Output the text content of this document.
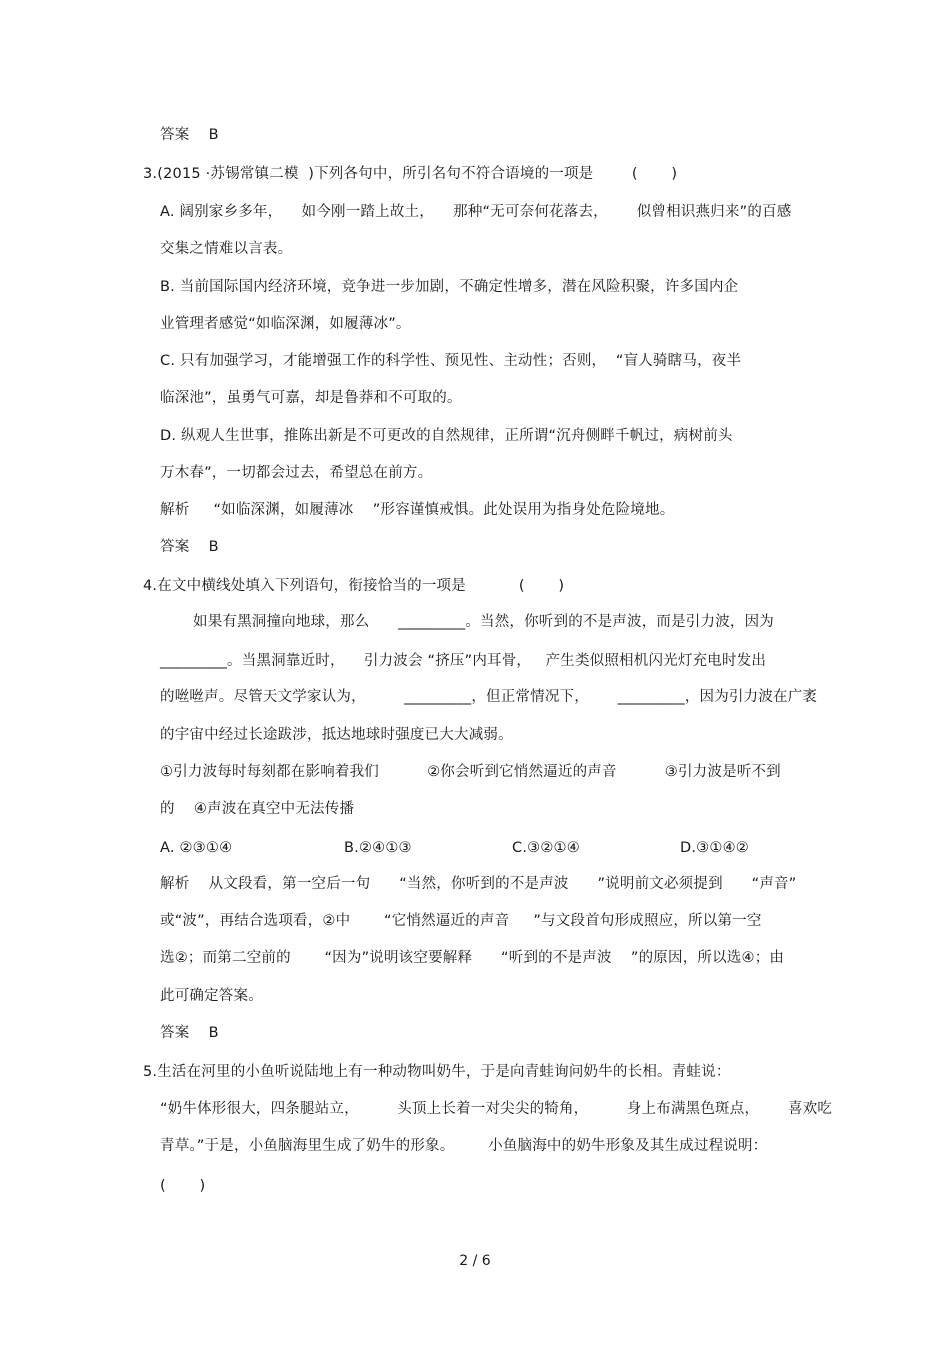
答案    B
3.(2015 ·苏锡常镇二模  )下列各句中，所引名句不符合语境的一项是        (       )
A. 阔别家乡多年，    如今刚一踏上故土，    那种“无可奈何花落去，      似曾相识燕归来”的百感
交集之情难以言表。
B. 当前国际国内经济环境，竞争进一步加剧，不确定性增多，潜在风险积聚，许多国内企
业管理者感觉“如临深渊，如履薄冰”。
C. 只有加强学习，才能增强工作的科学性、预见性、主动性；否则，  “盲人骑瞎马，夜半
临深池”，虽勇气可嘉，却是鲁莽和不可取的。
D. 纵观人生世事，推陈出新是不可更改的自然规律，正所谓“沉舟侧畔千帆过，病树前头
万木春”，一切都会过去，希望总在前方。
解析     “如临深渊，如履薄冰    ”形容谨慎戒惧。此处误用为指身处危险境地。
答案    B
4.在文中横线处填入下列语句，衔接恰当的一项是           (       )
如果有黑洞撞向地球，那么      _________。当然，你听到的不是声波，而是引力波，因为
_________。当黑洞靠近时，    引力波会 “挤压”内耳骨，   产生类似照相机闪光灯充电时发出
的咝咝声。尽管天文学家认为，        _________，但正常情况下，      _________，因为引力波在广袤
的宇宙中经过长途跋涉，抵达地球时强度已大大减弱。
①引力波每时每刻都在影响着我们          ②你会听到它悄然逼近的声音          ③引力波是听不到
的    ④声波在真空中无法传播
A. ②③①④	B.②④①③	C.③②①④	D.③①④②
解析    从文段看，第一空后一句      “当然，你听到的不是声波      ”说明前文必须提到      “声音”
或“波”，再结合选项看，②中       “它悄然逼近的声音     ”与文段首句形成照应，所以第一空
选②；而第二空前的       “因为”说明该空要解释      “听到的不是声波    ”的原因，所以选④；由
此可确定答案。
答案    B
5.生活在河里的小鱼听说陆地上有一种动物叫奶牛，于是向青蛙询问奶牛的长相。青蛙说：
“奶牛体形很大，四条腿站立，        头顶上长着一对尖尖的犄角，        身上布满黑色斑点，      喜欢吃
青草。”于是，小鱼脑海里生成了奶牛的形象。       小鱼脑海中的奶牛形象及其生成过程说明：
(       )
2 / 6
